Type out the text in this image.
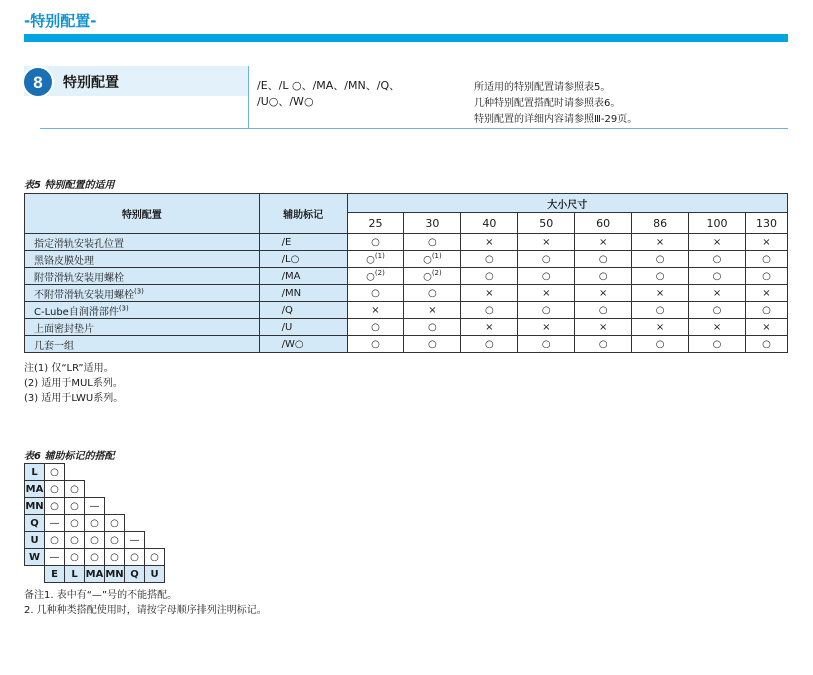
-特别配置-
8 特别配置	/E、/L ○、/MA、/MN、/Q、
/U○、/W○
所适用的特别配置请参照表5。
几种特别配置搭配时请参照表6。
特别配置的详细内容请参照Ⅲ-29页。
表5 特别配置的适用
特别配置	辅助标记	大小尺寸							
		25	30	40	50	60	86	100	130
指定滑轨安装孔位置	/E	○	○	×	×	×	×	×	×
黑铬皮膜处理	/L○	○$^{(1)}$	○$^{(1)}$	○	○	○	○	○	○
附带滑轨安装用螺栓	/MA	○$^{(2)}$	○$^{(2)}$	○	○	○	○	○	○
不附带滑轨安装用螺栓$^{(3)}$	/MN	○	○	×	×	×	×	×	×
C-Lube自润滑部件$^{(3)}$	/Q	×	×	○	○	○	○	○	○
上面密封垫片	/U	○	○	×	×	×	×	×	×
几套一组	/W○	○	○	○	○	○	○	○	○
注(1) 仅“LR”适用。
(2) 适用于MUL系列。
(3) 适用于LWU系列。
表6 辅助标记的搭配
L	○					
MA	○	○				
MN	○	○	—			
Q	—	○	○	○		
U	○	○	○	○	—	
W	—	○	○	○	○	○
	E	L	MA	MN	Q	U
备注1. 表中有“—”号的不能搭配。
2. 几种种类搭配使用时，请按字母顺序排列注明标记。
